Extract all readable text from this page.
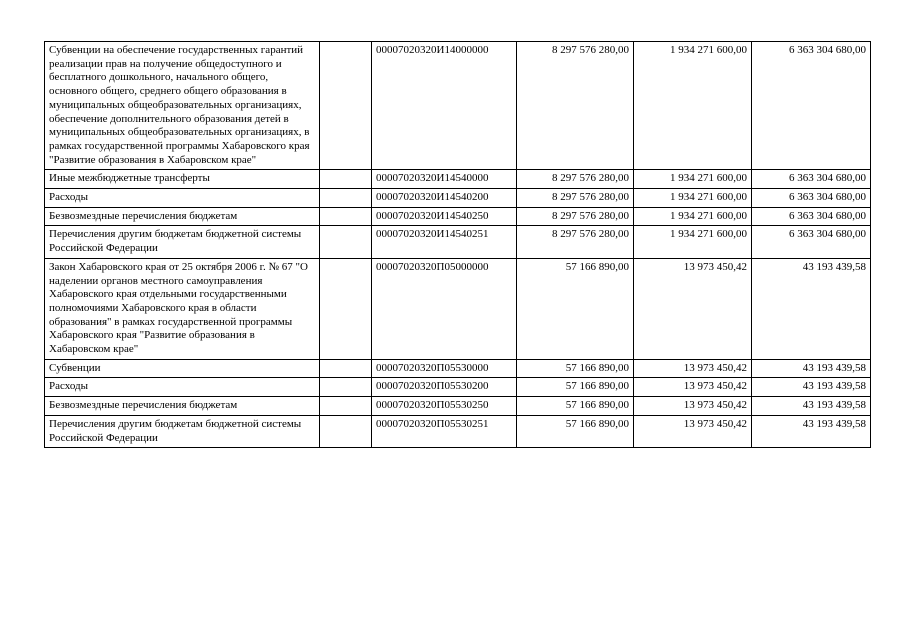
Субвенции на обеспечение государственных гарантий реализации прав на получение общедоступного и бесплатного дошкольного, начального общего, основного общего, среднего общего образования в муниципальных общеобразовательных организациях, обеспечение дополнительного образования детей в муниципальных общеобразовательных организациях, в рамках государственной программы Хабаровского края "Развитие образования в Хабаровском крае"		00007020320И14000000	8 297 576 280,00	1 934 271 600,00	6 363 304 680,00
Иные межбюджетные трансферты		00007020320И14540000	8 297 576 280,00	1 934 271 600,00	6 363 304 680,00
Расходы		00007020320И14540200	8 297 576 280,00	1 934 271 600,00	6 363 304 680,00
Безвозмездные перечисления бюджетам		00007020320И14540250	8 297 576 280,00	1 934 271 600,00	6 363 304 680,00
Перечисления другим бюджетам бюджетной системы Российской Федерации		00007020320И14540251	8 297 576 280,00	1 934 271 600,00	6 363 304 680,00
Закон Хабаровского края от 25 октября 2006 г. № 67 "О наделении органов местного самоуправления Хабаровского края отдельными государственными полномочиями Хабаровского края в области образования" в рамках государственной программы Хабаровского края "Развитие образования в Хабаровском крае"		00007020320П05000000	57 166 890,00	13 973 450,42	43 193 439,58
Субвенции		00007020320П05530000	57 166 890,00	13 973 450,42	43 193 439,58
Расходы		00007020320П05530200	57 166 890,00	13 973 450,42	43 193 439,58
Безвозмездные перечисления бюджетам		00007020320П05530250	57 166 890,00	13 973 450,42	43 193 439,58
Перечисления другим бюджетам бюджетной системы Российской Федерации		00007020320П05530251	57 166 890,00	13 973 450,42	43 193 439,58
